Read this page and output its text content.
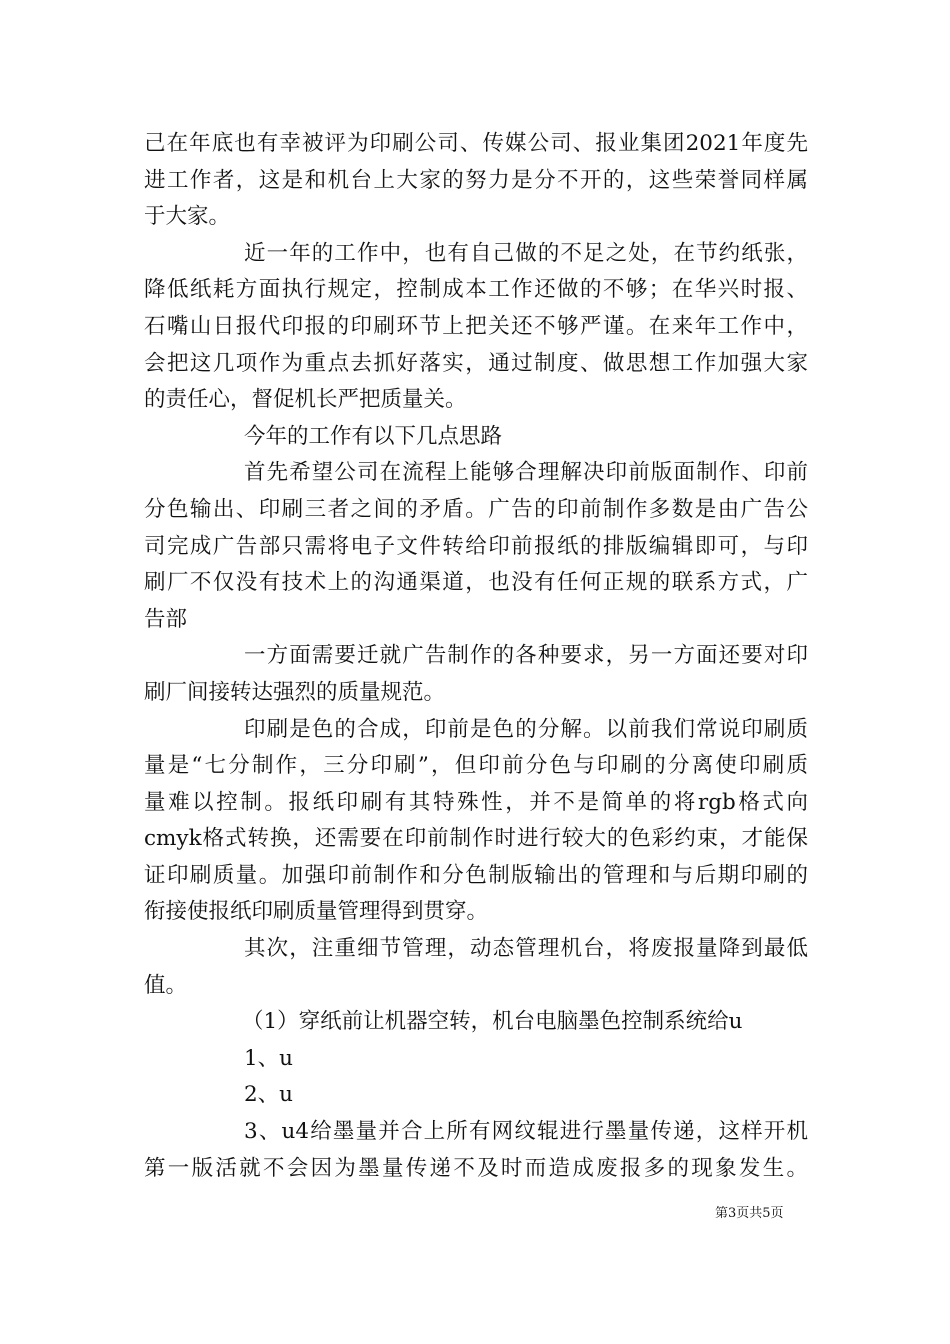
己在年底也有幸被评为印刷公司、传媒公司、报业集团2021年度先
进工作者，这是和机台上大家的努力是分不开的，这些荣誉同样属
于大家。
近一年的工作中，也有自己做的不足之处，在节约纸张，
降低纸耗方面执行规定，控制成本工作还做的不够；在华兴时报、
石嘴山日报代印报的印刷环节上把关还不够严谨。在来年工作中，
会把这几项作为重点去抓好落实，通过制度、做思想工作加强大家
的责任心，督促机长严把质量关。
今年的工作有以下几点思路
首先希望公司在流程上能够合理解决印前版面制作、印前
分色输出、印刷三者之间的矛盾。广告的印前制作多数是由广告公
司完成广告部只需将电子文件转给印前报纸的排版编辑即可，与印
刷厂不仅没有技术上的沟通渠道，也没有任何正规的联系方式，广
告部
一方面需要迁就广告制作的各种要求，另一方面还要对印
刷厂间接转达强烈的质量规范。
印刷是色的合成，印前是色的分解。以前我们常说印刷质
量是“七分制作，三分印刷”，但印前分色与印刷的分离使印刷质
量难以控制。报纸印刷有其特殊性，并不是简单的将rgb格式向
cmyk格式转换，还需要在印前制作时进行较大的色彩约束，才能保
证印刷质量。加强印前制作和分色制版输出的管理和与后期印刷的
衔接使报纸印刷质量管理得到贯穿。
其次，注重细节管理，动态管理机台，将废报量降到最低
值。
（1）穿纸前让机器空转，机台电脑墨色控制系统给u
1、u
2、u
3、u4给墨量并合上所有网纹辊进行墨量传递，这样开机
第一版活就不会因为墨量传递不及时而造成废报多的现象发生。
第3页共5页
